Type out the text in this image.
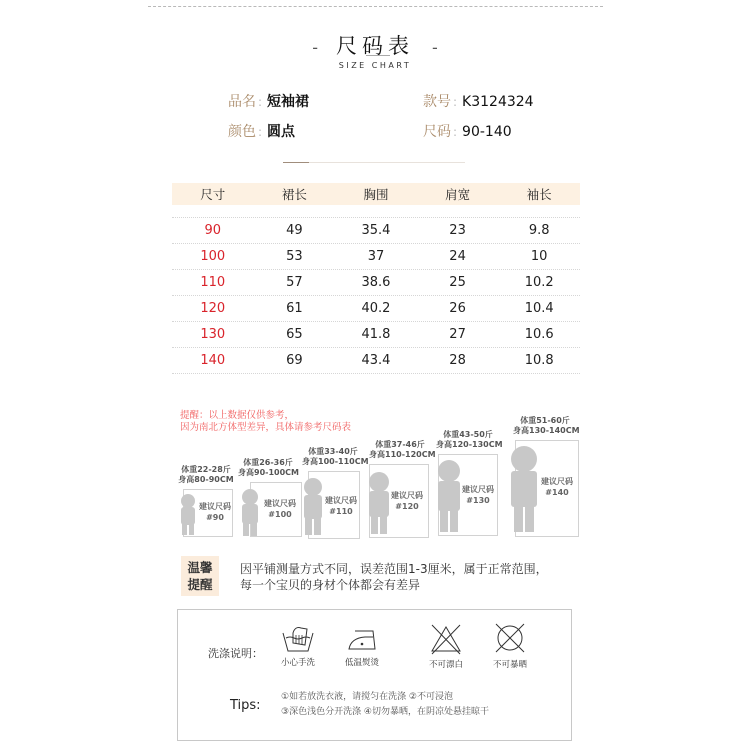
- 尺码表 -
SIZE CHART
品名 : 短袖裙	款号 : K3124324
颜色 : 圆点	尺码 : 90-140
尺寸	裙长	胸围	肩宽	袖长
90	49	35.4	23	9.8
100	53	37	24	10
110	57	38.6	25	10.2
120	61	40.2	26	10.4
130	65	41.8	27	10.6
140	69	43.4	28	10.8
提醒：以上数据仅供参考，
因为南北方体型差异，具体请参考尺码表
体重22-28斤
身高80-90CM
建议尺码
#90
体重26-36斤
身高90-100CM
建议尺码
#100
体重33-40斤
身高100-110CM
建议尺码
#110
体重37-46斤
身高110-120CM
建议尺码
#120
体重43-50斤
身高120-130CM
建议尺码
#130
体重51-60斤
身高130-140CM
建议尺码
#140
温馨
提醒
因平铺测量方式不同，误差范围1-3厘米，属于正常范围，
每一个宝贝的身材个体都会有差异
洗涤说明：
小心手洗	低温熨烫	不可漂白	不可暴晒
Tips:
①如若放洗衣液，请搅匀在洗涤 ②不可浸泡
③深色浅色分开洗涤 ④切勿暴晒，在阴凉处悬挂晾干
